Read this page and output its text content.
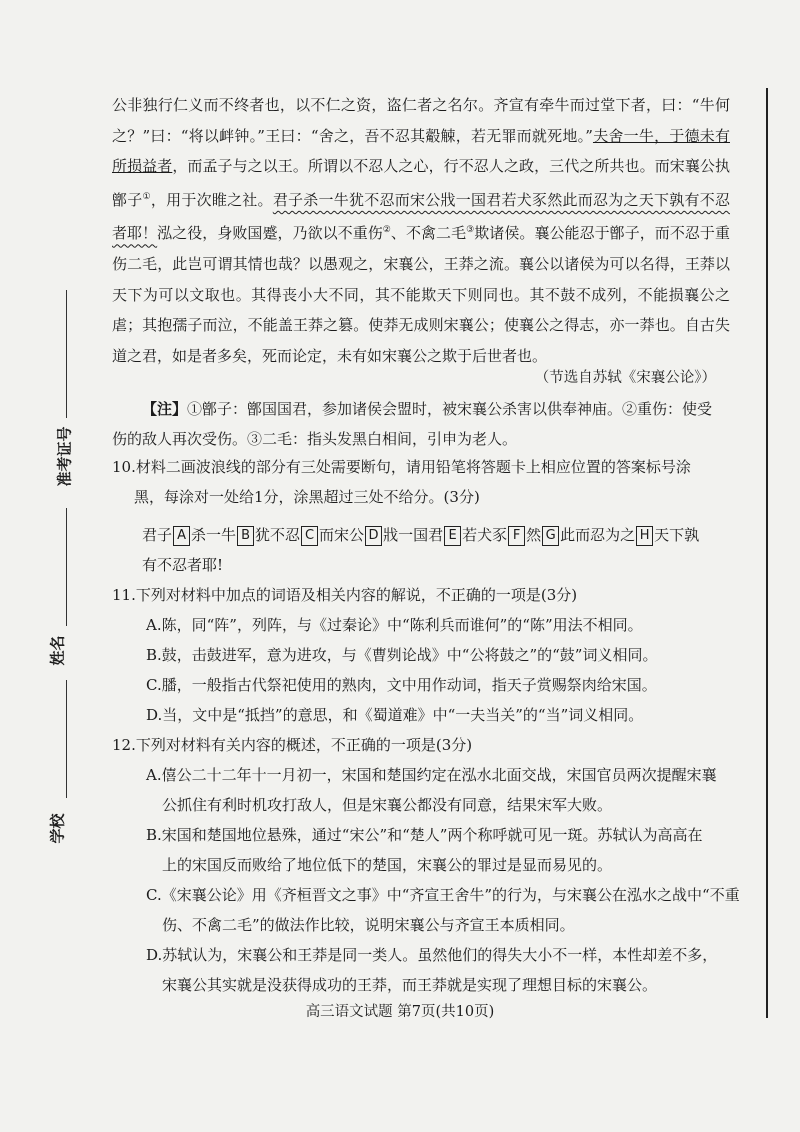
准考证号
姓名
学校

公非独行仁义而不终者也，以不仁之资，盗仁者之名尔。齐宣有牵牛而过堂下者，曰：“牛何之？”曰：“将以衅钟。”王曰：“舍之，吾不忍其觳觫，若无罪而就死地。”夫舍一牛，于德未有所损益者，而孟子与之以王。所谓以不忍人之心，行不忍人之政，三代之所共也。而宋襄公执鄫子①，用于次睢之社。君子杀一牛犹不忍而宋公戕一国君若犬豕然此而忍为之天下孰有不忍者耶！泓之役，身败国蹙，乃欲以不重伤②、不禽二毛③欺诸侯。襄公能忍于鄫子，而不忍于重伤二毛，此岂可谓其情也哉？以愚观之，宋襄公，王莽之流。襄公以诸侯为可以名得，王莽以天下为可以文取也。其得丧小大不同，其不能欺天下则同也。其不鼓不成列，不能损襄公之虐；其抱孺子而泣，不能盖王莽之篡。使莽无成则宋襄公；使襄公之得志，亦一莽也。自古失道之君，如是者多矣，死而论定，未有如宋襄公之欺于后世者也。

（节选自苏轼《宋襄公论》）
【注】①鄫子：鄫国国君，参加诸侯会盟时，被宋襄公杀害以供奉神庙。②重伤：使受
伤的敌人再次受伤。③二毛：指头发黑白相间，引申为老人。
10.材料二画波浪线的部分有三处需要断句，请用铅笔将答题卡上相应位置的答案标号涂
黑，每涂对一处给1分，涂黑超过三处不给分。(3分)
君子 A 杀一牛 B 犹不忍 C 而宋公 D 戕一国君 E 若犬豕 F 然 G 此而忍为之 H 天下孰
有不忍者耶!
11.下列对材料中加点的词语及相关内容的解说，不正确的一项是(3分)
A.陈，同“阵”，列阵，与《过秦论》中“陈利兵而谁何”的“陈”用法不相同。
B.鼓，击鼓进军，意为进攻，与《曹刿论战》中“公将鼓之”的“鼓”词义相同。
C.膰，一般指古代祭祀使用的熟肉，文中用作动词，指天子赏赐祭肉给宋国。
D.当，文中是“抵挡”的意思，和《蜀道难》中“一夫当关”的“当”词义相同。
12.下列对材料有关内容的概述，不正确的一项是(3分)
A.僖公二十二年十一月初一，宋国和楚国约定在泓水北面交战，宋国官员两次提醒宋襄
公抓住有利时机攻打敌人，但是宋襄公都没有同意，结果宋军大败。
B.宋国和楚国地位悬殊，通过“宋公”和“楚人”两个称呼就可见一斑。苏轼认为高高在
上的宋国反而败给了地位低下的楚国，宋襄公的罪过是显而易见的。
C.《宋襄公论》用《齐桓晋文之事》中“齐宣王舍牛”的行为，与宋襄公在泓水之战中“不重
伤、不禽二毛”的做法作比较，说明宋襄公与齐宣王本质相同。
D.苏轼认为，宋襄公和王莽是同一类人。虽然他们的得失大小不一样，本性却差不多，
宋襄公其实就是没获得成功的王莽，而王莽就是实现了理想目标的宋襄公。
高三语文试题 第7页(共10页)
